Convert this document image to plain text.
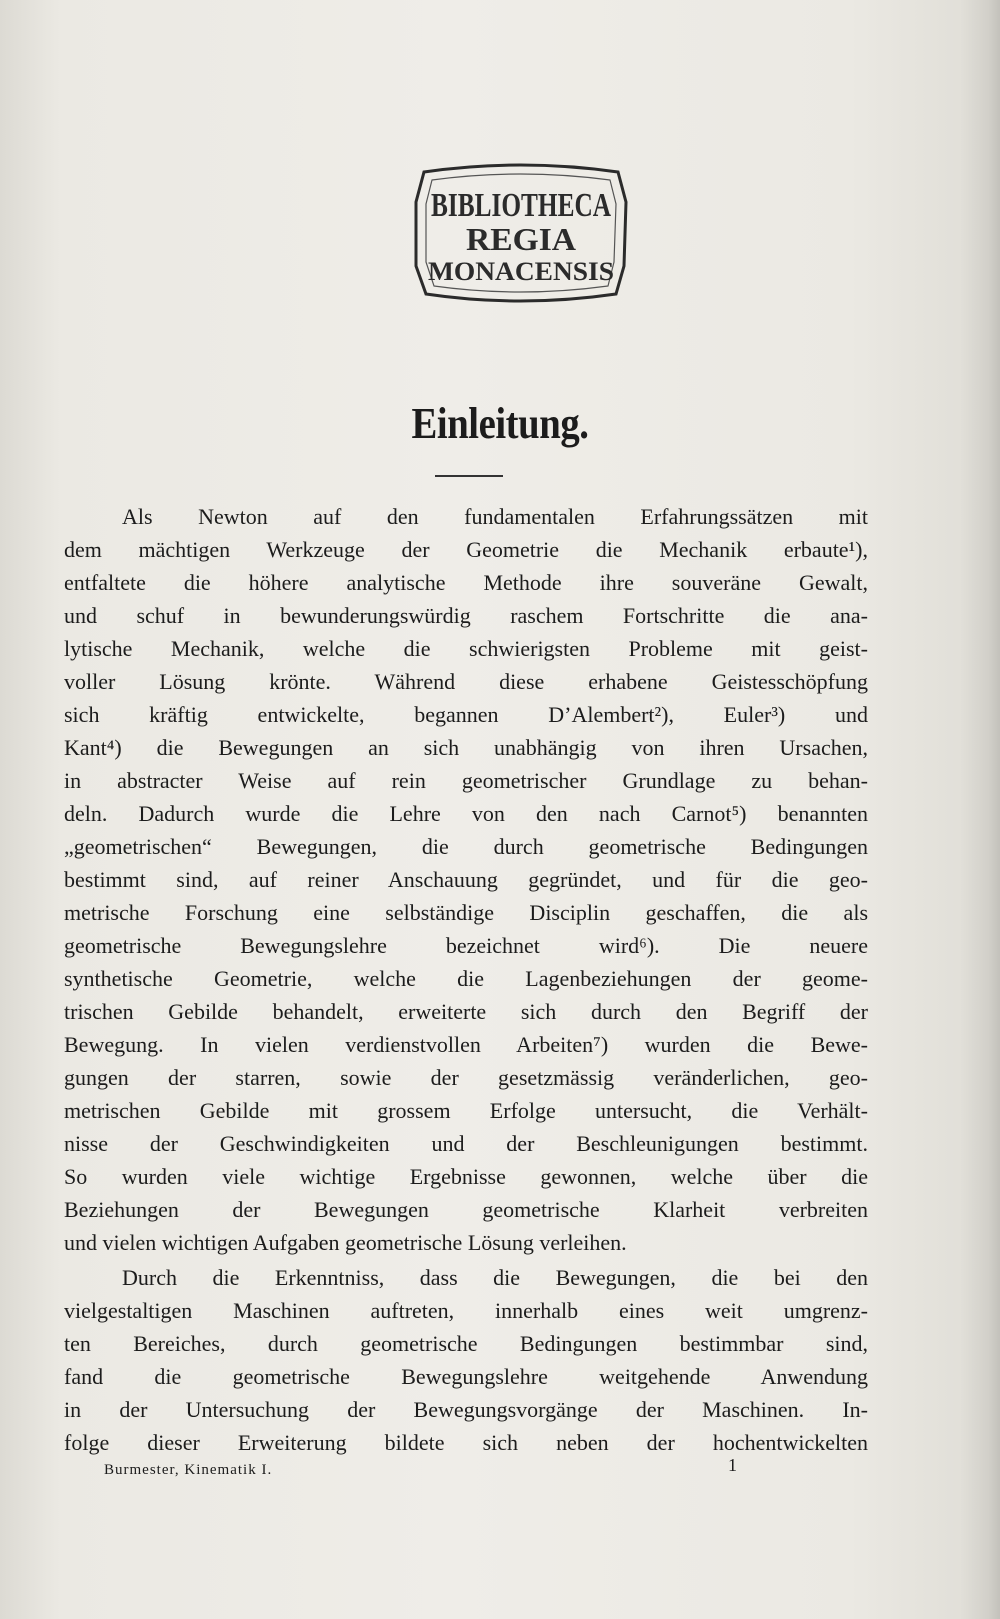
BIBLIOTHECA
REGIA
MONACENSIS
Einleitung.
Als Newton auf den fundamentalen Erfahrungssätzen mit
dem mächtigen Werkzeuge der Geometrie die Mechanik erbaute¹),
entfaltete die höhere analytische Methode ihre souveräne Gewalt,
und schuf in bewunderungswürdig raschem Fortschritte die ana-
lytische Mechanik, welche die schwierigsten Probleme mit geist-
voller Lösung krönte. Während diese erhabene Geistesschöpfung
sich kräftig entwickelte, begannen D’Alembert²), Euler³) und
Kant⁴) die Bewegungen an sich unabhängig von ihren Ursachen,
in abstracter Weise auf rein geometrischer Grundlage zu behan-
deln. Dadurch wurde die Lehre von den nach Carnot⁵) benannten
„geometrischen“ Bewegungen, die durch geometrische Bedingungen
bestimmt sind, auf reiner Anschauung gegründet, und für die geo-
metrische Forschung eine selbständige Disciplin geschaffen, die als
geometrische Bewegungslehre bezeichnet wird⁶). Die neuere
synthetische Geometrie, welche die Lagenbeziehungen der geome-
trischen Gebilde behandelt, erweiterte sich durch den Begriff der
Bewegung. In vielen verdienstvollen Arbeiten⁷) wurden die Bewe-
gungen der starren, sowie der gesetzmässig veränderlichen, geo-
metrischen Gebilde mit grossem Erfolge untersucht, die Verhält-
nisse der Geschwindigkeiten und der Beschleunigungen bestimmt.
So wurden viele wichtige Ergebnisse gewonnen, welche über die
Beziehungen der Bewegungen geometrische Klarheit verbreiten
und vielen wichtigen Aufgaben geometrische Lösung verleihen.
Durch die Erkenntniss, dass die Bewegungen, die bei den
vielgestaltigen Maschinen auftreten, innerhalb eines weit umgrenz-
ten Bereiches, durch geometrische Bedingungen bestimmbar sind,
fand die geometrische Bewegungslehre weitgehende Anwendung
in der Untersuchung der Bewegungsvorgänge der Maschinen. In-
folge dieser Erweiterung bildete sich neben der hochentwickelten
Burmester, Kinematik I.	1
